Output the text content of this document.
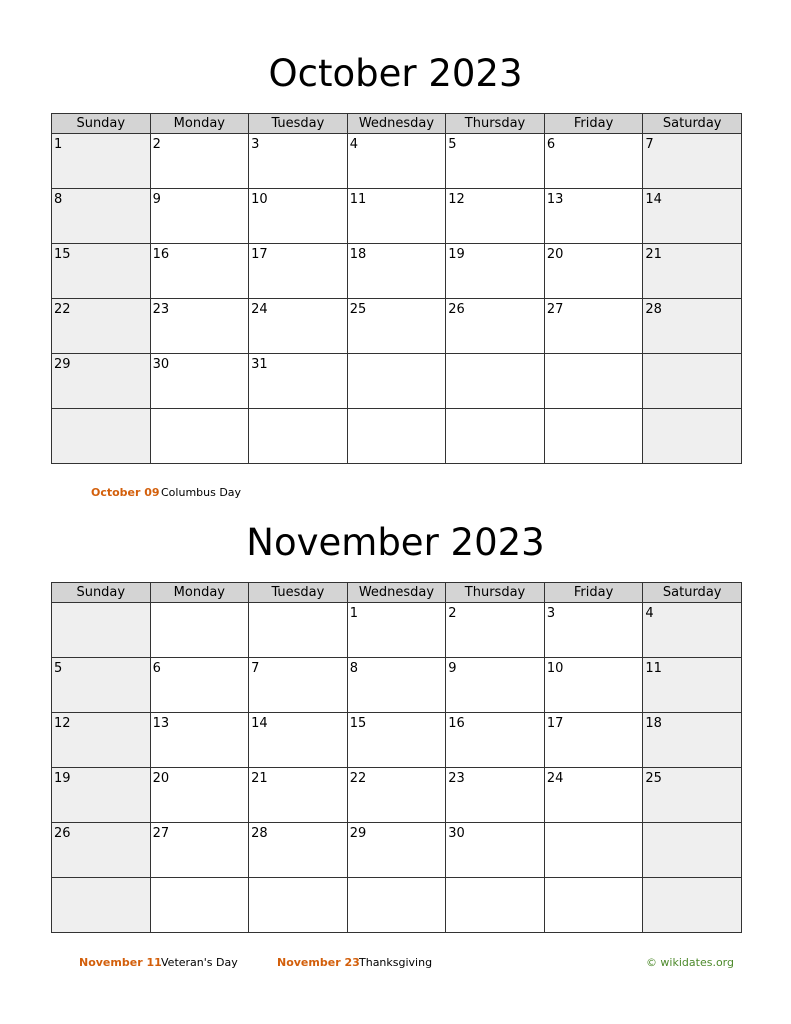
October 2023
Sunday	Monday	Tuesday	Wednesday	Thursday	Friday	Saturday
1	2	3	4	5	6	7
8	9	10	11	12	13	14
15	16	17	18	19	20	21
22	23	24	25	26	27	28
29	30	31				

October 09Columbus Day
November 2023
Sunday	Monday	Tuesday	Wednesday	Thursday	Friday	Saturday
			1	2	3	4
5	6	7	8	9	10	11
12	13	14	15	16	17	18
19	20	21	22	23	24	25
26	27	28	29	30		

November 11Veteran's Day	November 23Thanksgiving	© wikidates.org
